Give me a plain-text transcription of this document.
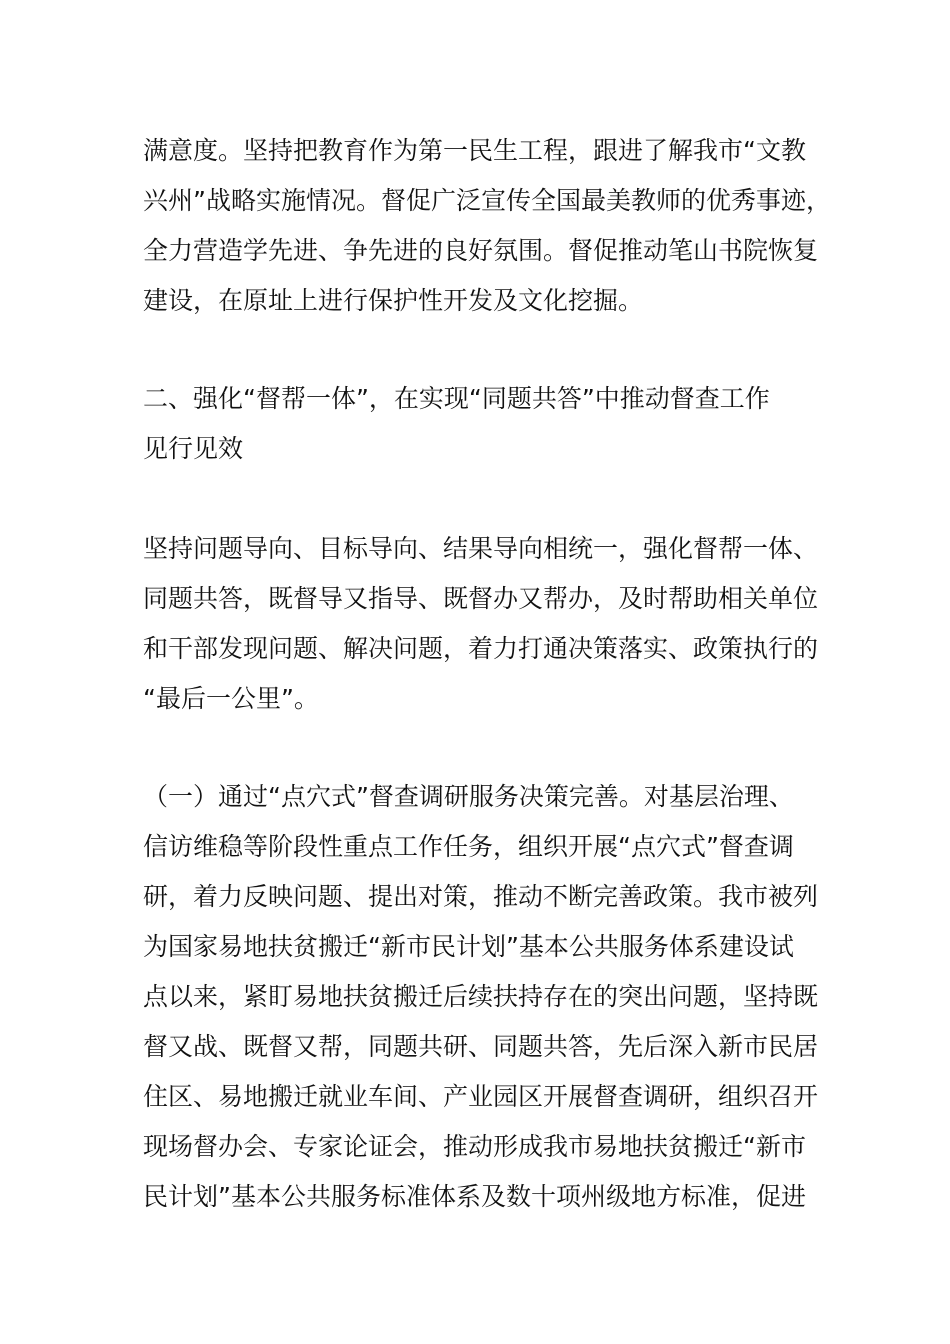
满意度。坚持把教育作为第一民生工程，跟进了解我市“文教
兴州”战略实施情况。督促广泛宣传全国最美教师的优秀事迹，
全力营造学先进、争先进的良好氛围。督促推动笔山书院恢复
建设，在原址上进行保护性开发及文化挖掘。
二、强化“督帮一体”，在实现“同题共答”中推动督查工作
见行见效
坚持问题导向、目标导向、结果导向相统一，强化督帮一体、
同题共答，既督导又指导、既督办又帮办，及时帮助相关单位
和干部发现问题、解决问题，着力打通决策落实、政策执行的
“最后一公里”。
（一）通过“点穴式”督查调研服务决策完善。对基层治理、
信访维稳等阶段性重点工作任务，组织开展“点穴式”督查调
研，着力反映问题、提出对策，推动不断完善政策。我市被列
为国家易地扶贫搬迁“新市民计划”基本公共服务体系建设试
点以来，紧盯易地扶贫搬迁后续扶持存在的突出问题，坚持既
督又战、既督又帮，同题共研、同题共答，先后深入新市民居
住区、易地搬迁就业车间、产业园区开展督查调研，组织召开
现场督办会、专家论证会，推动形成我市易地扶贫搬迁“新市
民计划”基本公共服务标准体系及数十项州级地方标准，促进
